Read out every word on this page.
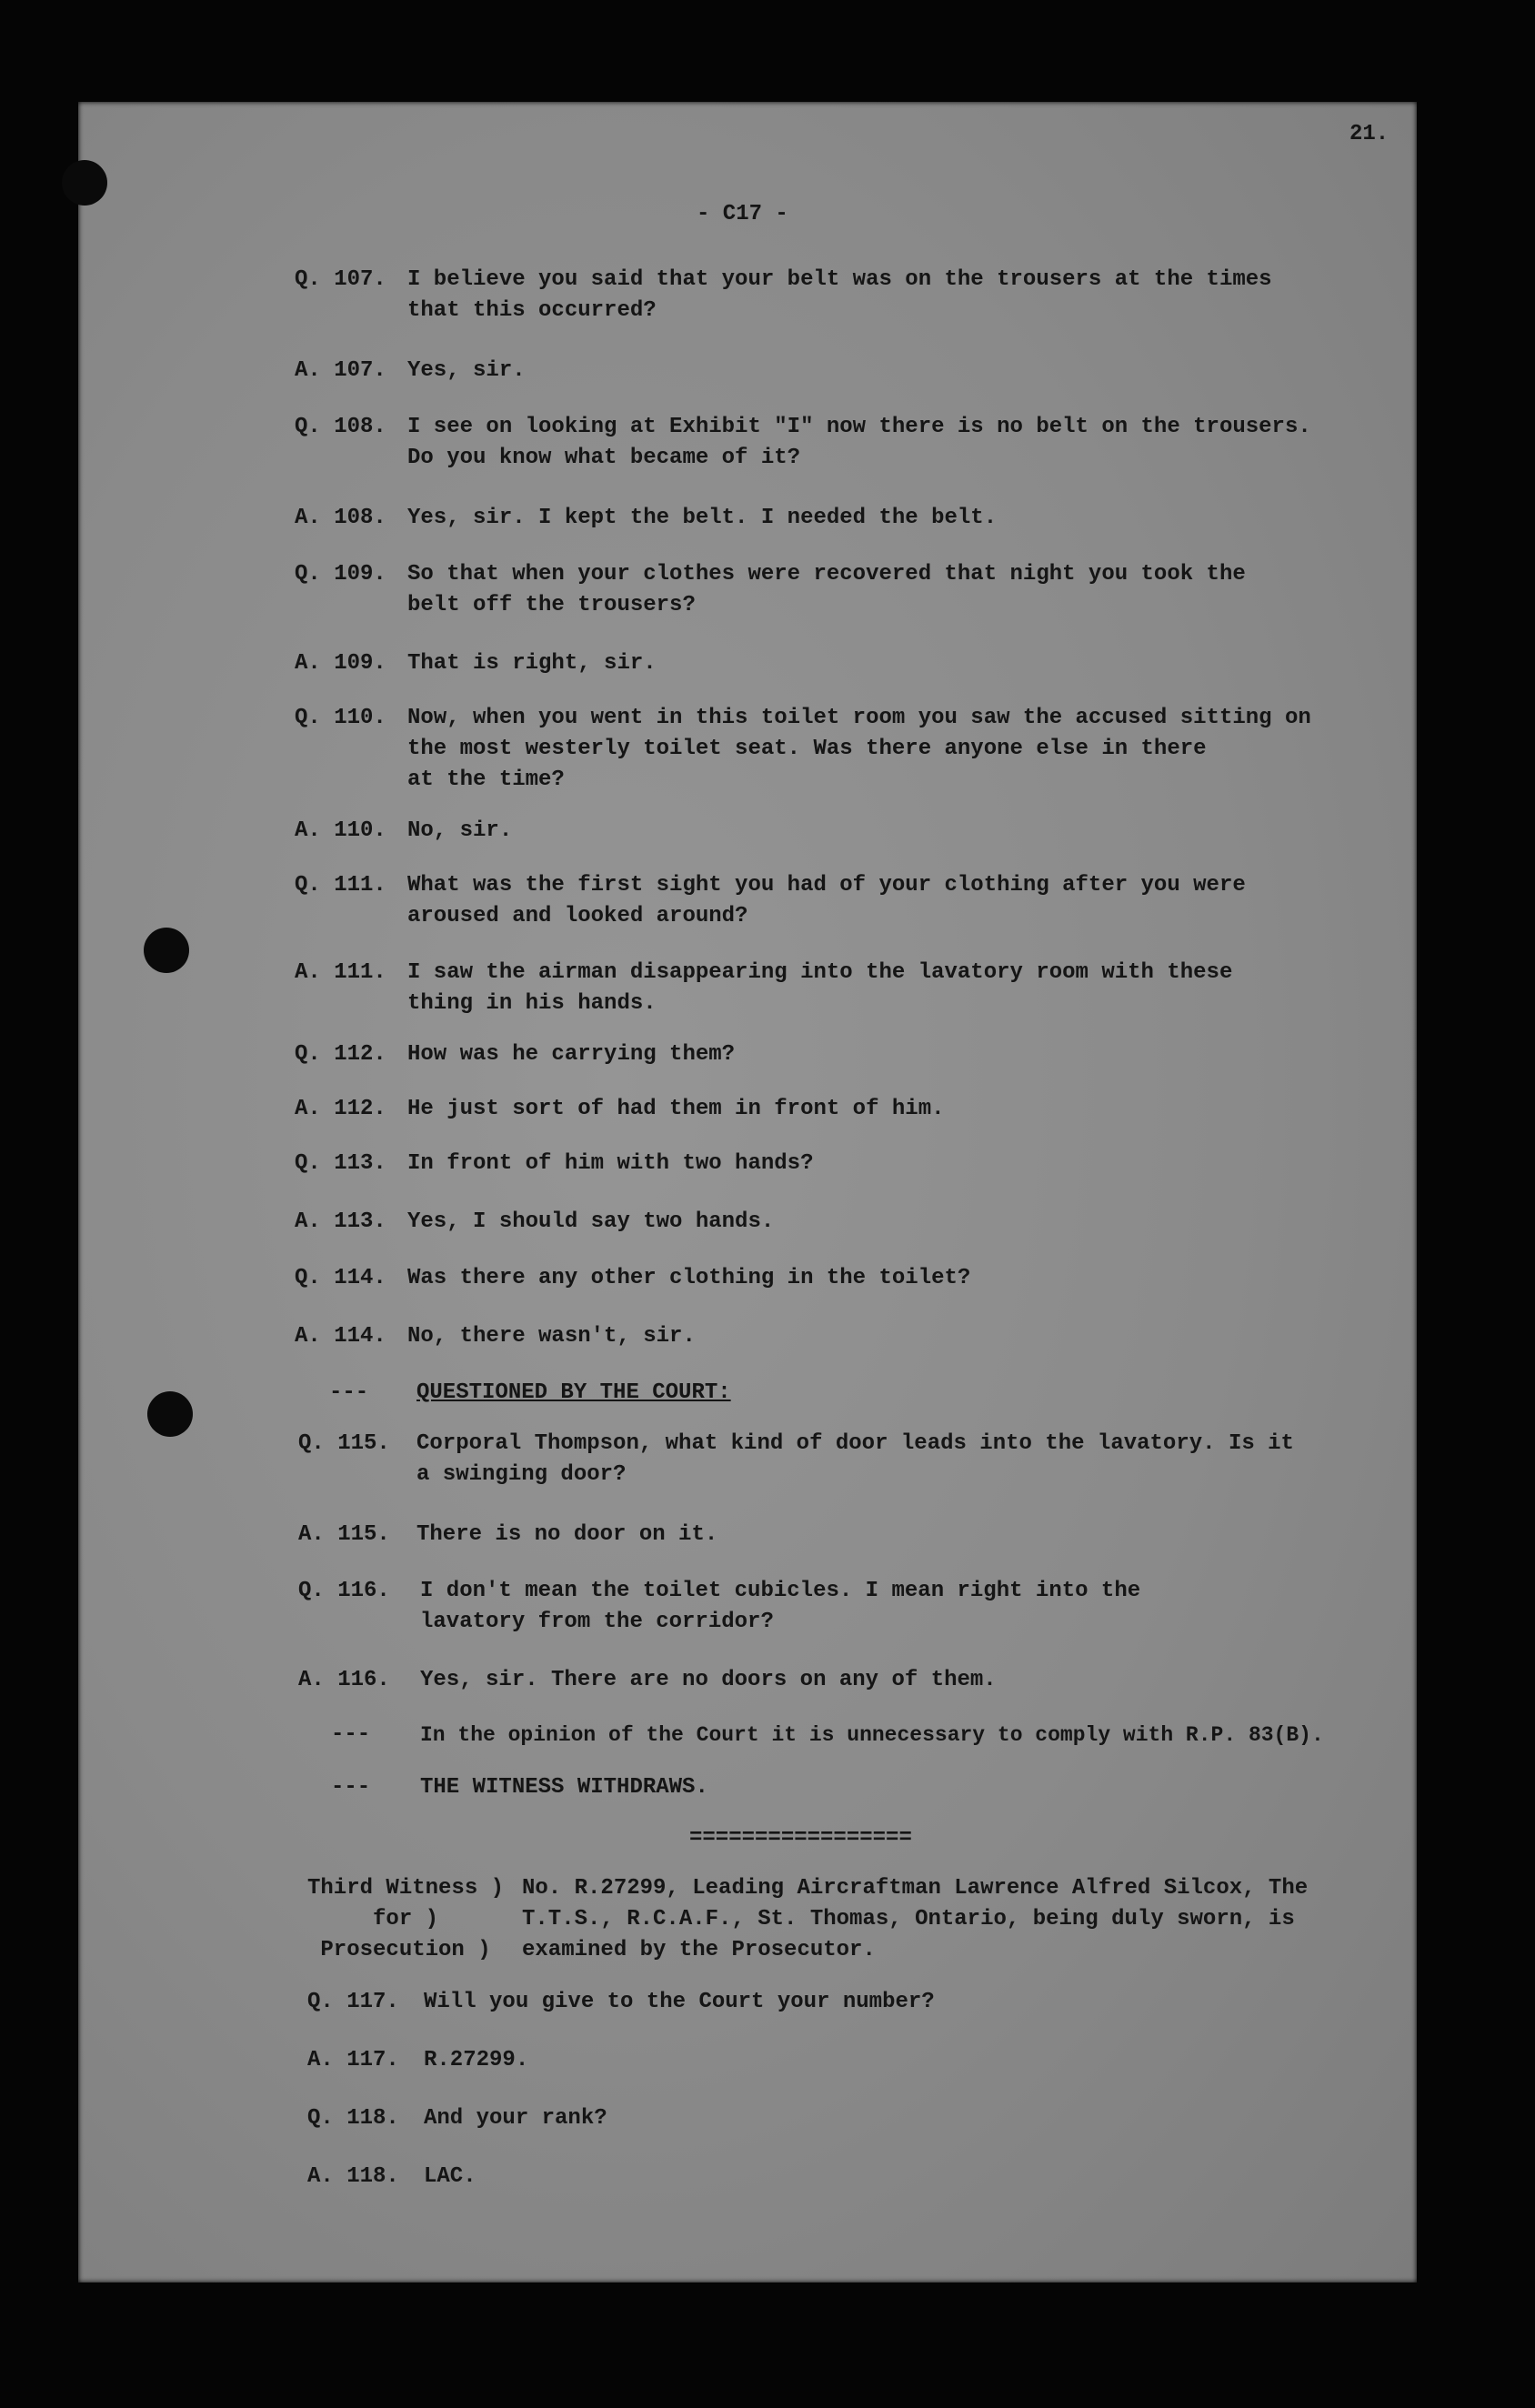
21.
- C17 -
Q. 107. I believe you said that your belt was on the trousers at the times
that this occurred?
A. 107. Yes, sir.
Q. 108. I see on looking at Exhibit "I" now there is no belt on the trousers.
Do you know what became of it?
A. 108. Yes, sir. I kept the belt. I needed the belt.
Q. 109. So that when your clothes were recovered that night you took the
belt off the trousers?
A. 109. That is right, sir.
Q. 110. Now, when you went in this toilet room you saw the accused sitting on
the most westerly toilet seat. Was there anyone else in there
at the time?
A. 110. No, sir.
Q. 111. What was the first sight you had of your clothing after you were
aroused and looked around?
A. 111. I saw the airman disappearing into the lavatory room with these
thing in his hands.
Q. 112. How was he carrying them?
A. 112. He just sort of had them in front of him.
Q. 113. In front of him with two hands?
A. 113. Yes, I should say two hands.
Q. 114. Was there any other clothing in the toilet?
A. 114. No, there wasn't, sir.
--- QUESTIONED BY THE COURT:
Q. 115. Corporal Thompson, what kind of door leads into the lavatory. Is it
a swinging door?
A. 115. There is no door on it.
Q. 116. I don't mean the toilet cubicles. I mean right into the
lavatory from the corridor?
A. 116. Yes, sir. There are no doors on any of them.
--- In the opinion of the Court it is unnecessary to comply with R.P. 83(B).
--- THE WITNESS WITHDRAWS.
=================
Third Witness )
for )
Prosecution )
No. R.27299, Leading Aircraftman Lawrence Alfred Silcox, The
T.T.S., R.C.A.F., St. Thomas, Ontario, being duly sworn, is
examined by the Prosecutor.
Q. 117. Will you give to the Court your number?
A. 117. R.27299.
Q. 118. And your rank?
A. 118. LAC.
